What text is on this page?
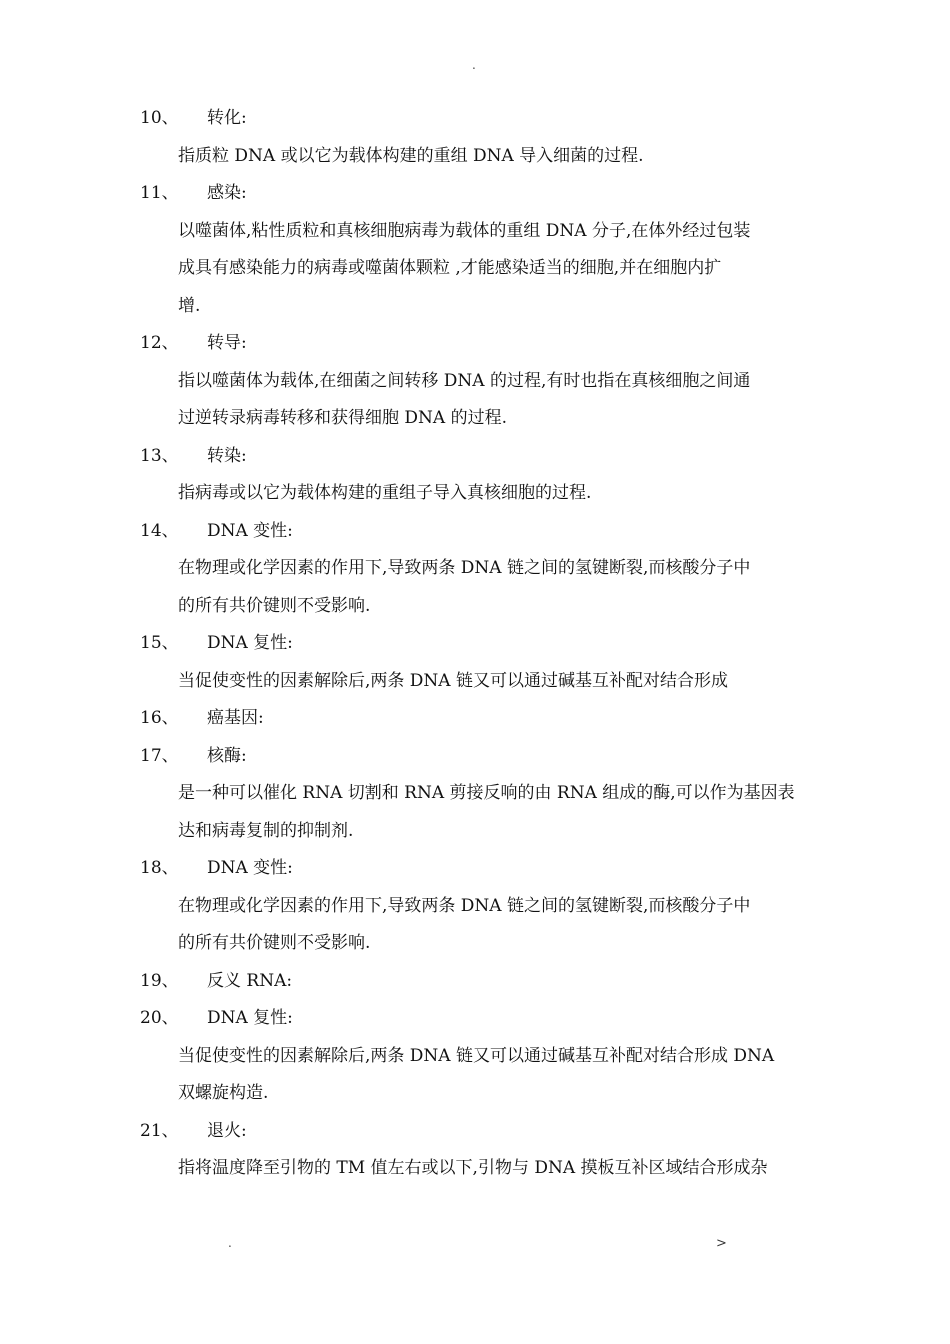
.
10、 转化:
指质粒 DNA 或以它为载体构建的重组 DNA 导入细菌的过程.
11、 感染:
以噬菌体,粘性质粒和真核细胞病毒为载体的重组 DNA 分子,在体外经过包装
成具有感染能力的病毒或噬菌体颗粒 ,才能感染适当的细胞,并在细胞内扩
增.
12、 转导:
指以噬菌体为载体,在细菌之间转移 DNA 的过程,有时也指在真核细胞之间通
过逆转录病毒转移和获得细胞 DNA 的过程.
13、 转染:
指病毒或以它为载体构建的重组子导入真核细胞的过程.
14、 DNA 变性:
在物理或化学因素的作用下,导致两条 DNA 链之间的氢键断裂,而核酸分子中
的所有共价键则不受影响.
15、 DNA 复性:
当促使变性的因素解除后,两条 DNA 链又可以通过碱基互补配对结合形成
16、 癌基因:
17、 核酶:
是一种可以催化 RNA 切割和 RNA 剪接反响的由 RNA 组成的酶,可以作为基因表
达和病毒复制的抑制剂.
18、 DNA 变性:
在物理或化学因素的作用下,导致两条 DNA 链之间的氢键断裂,而核酸分子中
的所有共价键则不受影响.
19、 反义 RNA:
20、 DNA 复性:
当促使变性的因素解除后,两条 DNA 链又可以通过碱基互补配对结合形成 DNA
双螺旋构造.
21、 退火:
指将温度降至引物的 TM 值左右或以下,引物与 DNA 摸板互补区域结合形成杂
.	>
